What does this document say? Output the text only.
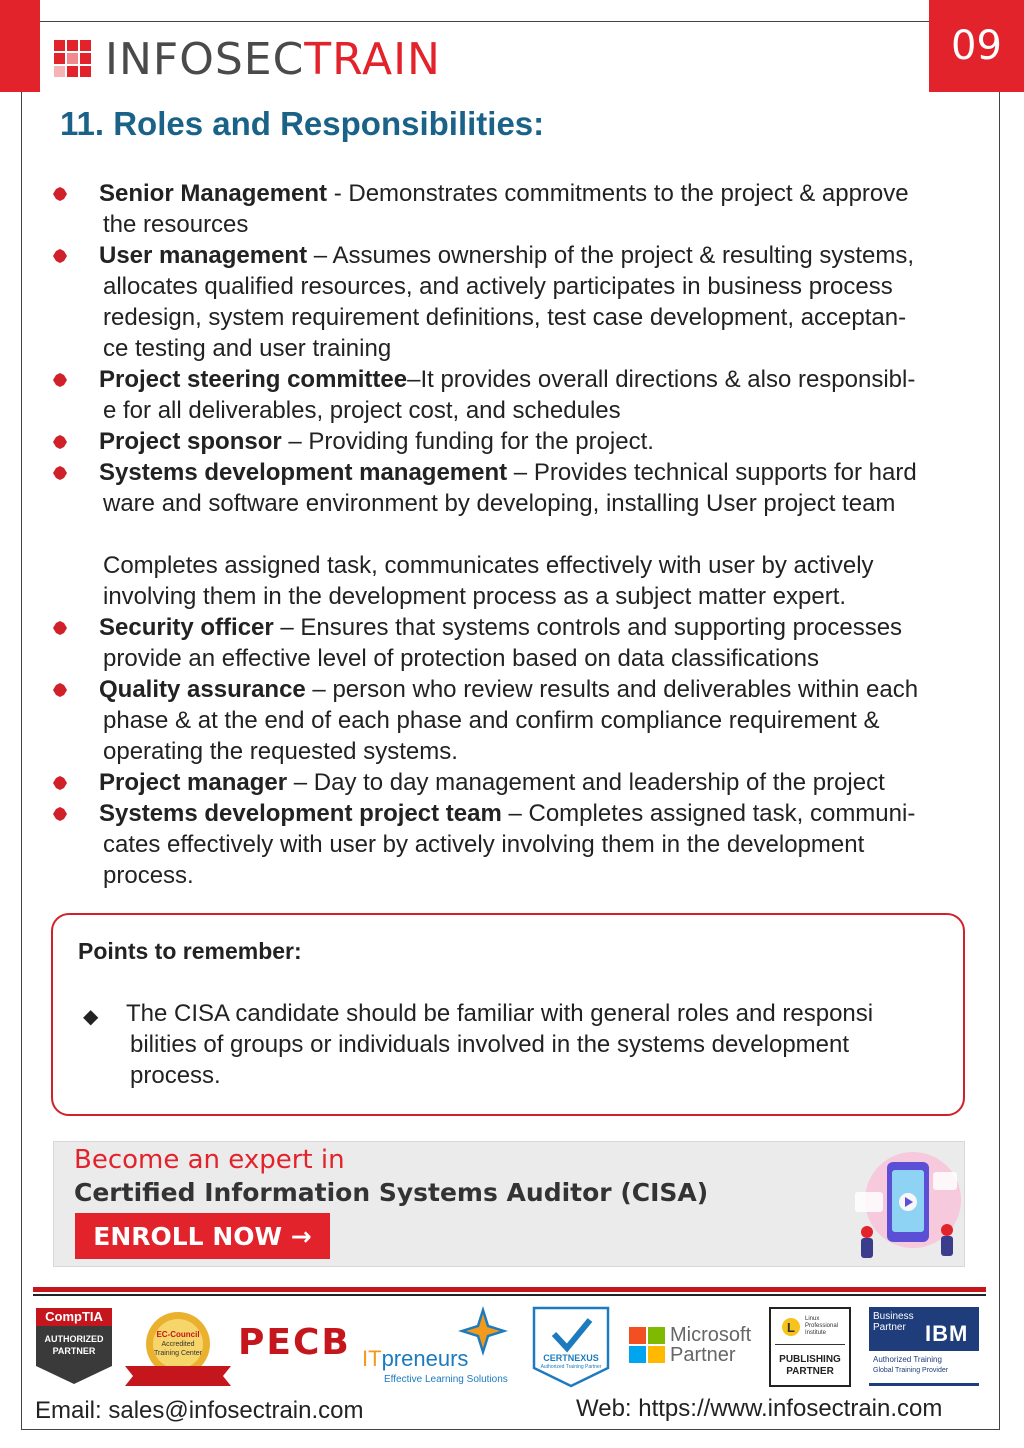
09
INFOSECTRAIN
11. Roles and Responsibilities:
Senior Management - Demonstrates commitments to the project & approve
the resources
User management – Assumes ownership of the project & resulting systems,
allocates qualified resources, and actively participates in business process
redesign, system requirement definitions, test case development, acceptan-
ce testing and user training
Project steering committee–It provides overall directions & also responsibl-
e for all deliverables, project cost, and schedules
Project sponsor – Providing funding for the project.
Systems development management – Provides technical supports for hard
ware and software environment by developing, installing User project team
Completes assigned task, communicates effectively with user by actively
involving them in the development process as a subject matter expert.
Security officer – Ensures that systems controls and supporting processes
provide an effective level of protection based on data classifications
Quality assurance – person who review results and deliverables within each
phase & at the end of each phase and confirm compliance requirement &
operating the requested systems.
Project manager – Day to day management and leadership of the project
Systems development project team – Completes assigned task, communi-
cates effectively with user by actively involving them in the development
process.
Points to remember:
◆ The CISA candidate should be familiar with general roles and responsi
bilities of groups or individuals involved in the systems development
process.
Become an expert in
Certified Information Systems Auditor (CISA)
ENROLL NOW →
CompTIA
AUTHORIZED
PARTNER
EC-Council
Accredited
Training Center	PECB ITpreneurs
Effective Learning Solutions
CERTNEXUS
Authorized Training Partner
Microsoft
Partner
L
Linux
Professional
Institute
PUBLISHING
PARTNER
Business
Partner IBM
Authorized Training
Global Training Provider
Email: sales@infosectrain.com	Web: https://www.infosectrain.com
